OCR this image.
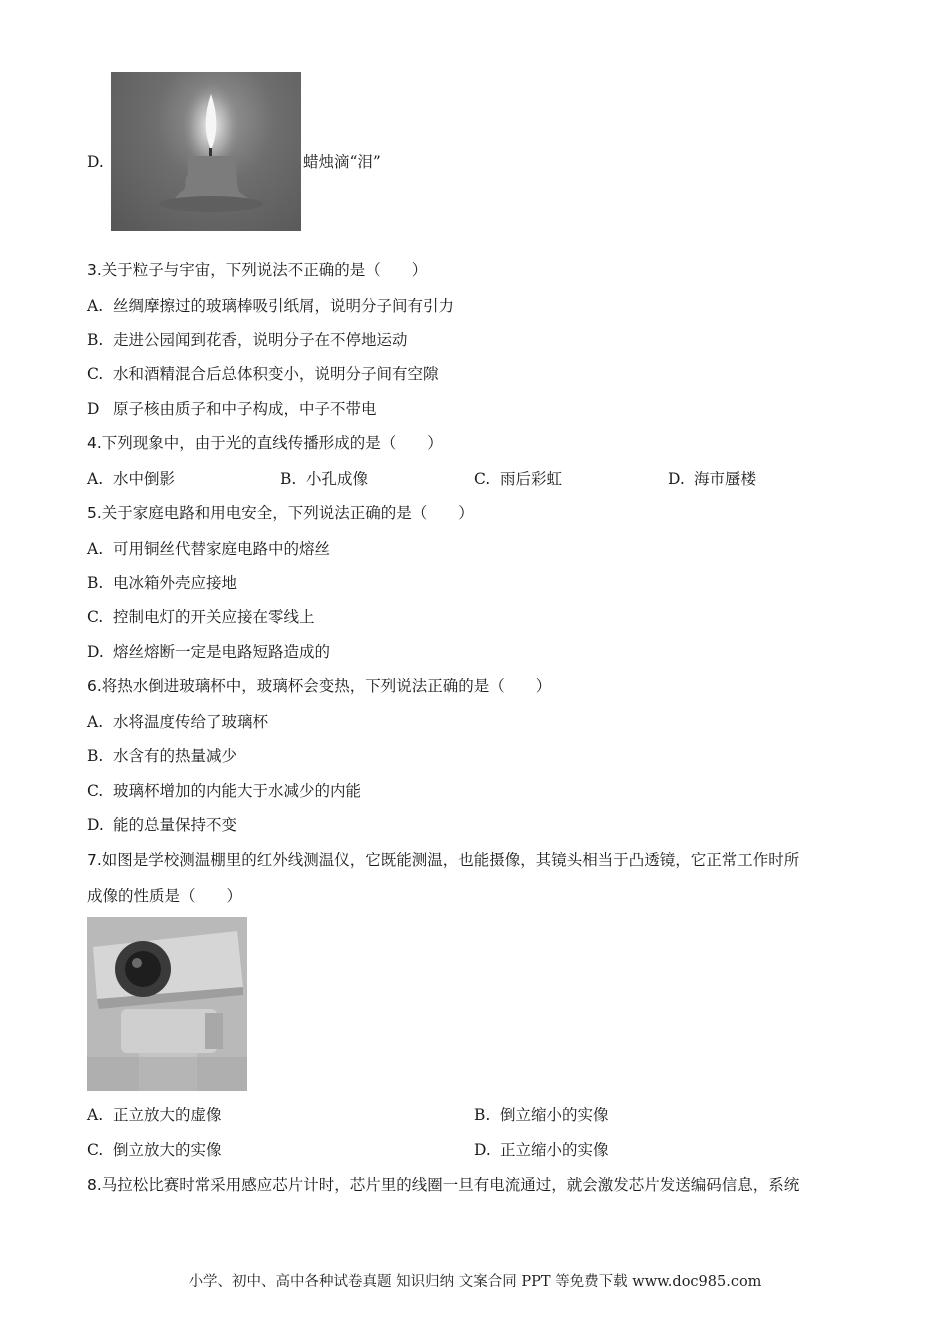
D.	蜡烛滴“泪”
3.关于粒子与宇宙，下列说法不正确的是（　　）
A. 丝绸摩擦过的玻璃棒吸引纸屑，说明分子间有引力
B. 走进公园闻到花香，说明分子在不停地运动
C. 水和酒精混合后总体积变小，说明分子间有空隙
D 原子核由质子和中子构成，中子不带电
4.下列现象中，由于光的直线传播形成的是（　　）
A. 水中倒影	B. 小孔成像	C. 雨后彩虹	D. 海市蜃楼
5.关于家庭电路和用电安全，下列说法正确的是（　　）
A. 可用铜丝代替家庭电路中的熔丝
B. 电冰箱外壳应接地
C. 控制电灯的开关应接在零线上
D. 熔丝熔断一定是电路短路造成的
6.将热水倒进玻璃杯中，玻璃杯会变热，下列说法正确的是（　　）
A. 水将温度传给了玻璃杯
B. 水含有的热量减少
C. 玻璃杯增加的内能大于水减少的内能
D. 能的总量保持不变
7.如图是学校测温棚里的红外线测温仪，它既能测温，也能摄像，其镜头相当于凸透镜，它正常工作时所
成像的性质是（　　）
A. 正立放大的虚像	B. 倒立缩小的实像
C. 倒立放大的实像	D. 正立缩小的实像
8.马拉松比赛时常采用感应芯片计时，芯片里的线圈一旦有电流通过，就会激发芯片发送编码信息，系统
小学、初中、高中各种试卷真题 知识归纳 文案合同 PPT 等免费下载 www.doc985.com
